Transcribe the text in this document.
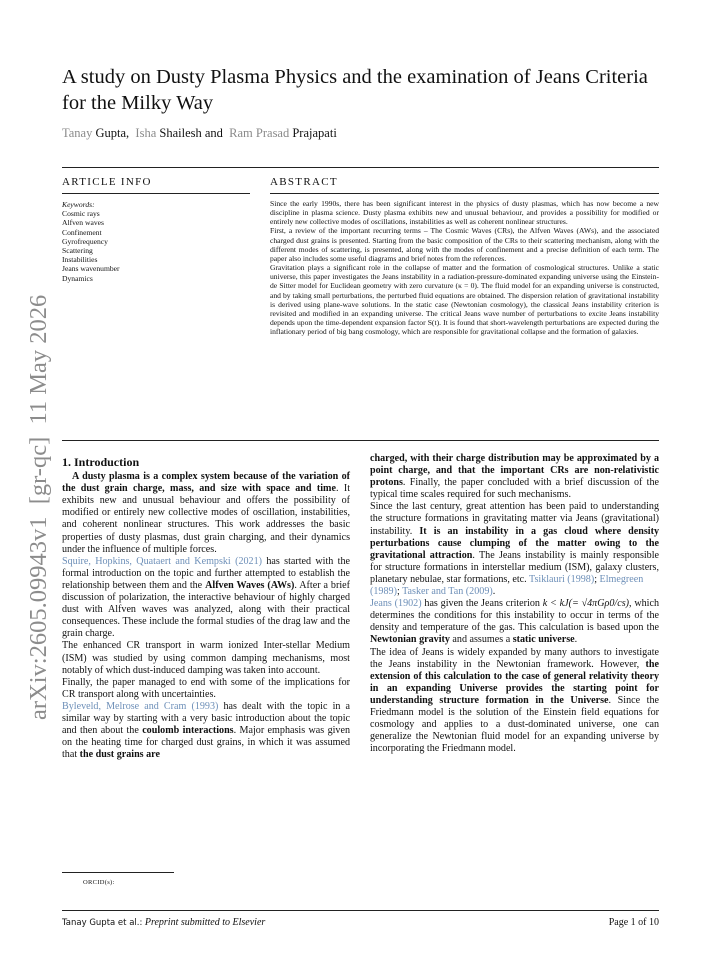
arXiv:2605.09943v1  [gr-qc]  11 May 2026
A study on Dusty Plasma Physics and the examination of Jeans Criteria for the Milky Way
Tanay Gupta, Isha Shailesh and Ram Prasad Prajapati
ARTICLE INFO	ABSTRACT
Keywords:
Cosmic rays
Alfven waves
Confinement
Gyrofrequency
Scattering
Instabilities
Jeans wavenumber
Dynamics

Since the early 1990s, there has been significant interest in the physics of dusty plasmas, which has now become a new discipline in plasma science. Dusty plasma exhibits new and unusual behaviour, and provides a possibility for modified or entirely new collective modes of oscillations, instabilities as well as coherent nonlinear structures.

First, a review of the important recurring terms – The Cosmic Waves (CRs), the Alfven Waves (AWs), and the associated charged dust grains is presented. Starting from the basic composition of the CRs to their scattering mechanism, along with the different modes of scattering, is presented, along with the modes of confinement and a precise definition of each term. The paper also includes some useful diagrams and brief notes from the references.

Gravitation plays a significant role in the collapse of matter and the formation of cosmological structures. Unlike a static universe, this paper investigates the Jeans instability in a radiation-pressure-dominated expanding universe using the Einstein-de Sitter model for Euclidean geometry with zero curvature (κ = 0). The fluid model for an expanding universe is constructed, and by taking small perturbations, the perturbed fluid equations are obtained. The dispersion relation of gravitational instability is derived using plane-wave solutions. In the static case (Newtonian cosmology), the classical Jeans instability criterion is revisited and modified in an expanding universe. The critical Jeans wave number of perturbations to excite Jeans instability depends upon the time-dependent expansion factor S(t). It is found that short-wavelength perturbations are expected during the inflationary period of big bang cosmology, which are responsible for gravitational collapse and the formation of galaxies.

1. Introduction

A dusty plasma is a complex system because of the variation of the dust grain charge, mass, and size with space and time. It exhibits new and unusual behaviour and offers the possibility of modified or entirely new collective modes of oscillation, instabilities, and coherent nonlinear structures. This work addresses the basic properties of dusty plasmas, dust grain charging, and their dynamics under the influence of multiple forces.

Squire, Hopkins, Quataert and Kempski (2021) has started with the formal introduction on the topic and further attempted to establish the relationship between them and the Alfven Waves (AWs). After a brief discussion of polarization, the interactive behaviour of highly charged dust with Alfven waves was analyzed, along with their practical consequences. These include the formal studies of the drag law and the grain charge.

The enhanced CR transport in warm ionized Inter-stellar Medium (ISM) was studied by using common damping mechanisms, most notably of which dust-induced damping was taken into account.

Finally, the paper managed to end with some of the implications for CR transport along with uncertainties.

Byleveld, Melrose and Cram (1993) has dealt with the topic in a similar way by starting with a very basic introduction about the topic and then about the coulomb interactions. Major emphasis was given on the heating time for charged dust grains, in which it was assumed that the dust grains are

charged, with their charge distribution may be approximated by a point charge, and that the important CRs are non-relativistic protons. Finally, the paper concluded with a brief discussion of the typical time scales required for such mechanisms.

Since the last century, great attention has been paid to understanding the structure formations in gravitating matter via Jeans (gravitational) instability. It is an instability in a gas cloud where density perturbations cause clumping of the matter owing to the gravitational attraction. The Jeans instability is mainly responsible for structure formations in interstellar medium (ISM), galaxy clusters, planetary nebulae, star formations, etc. Tsiklauri (1998); Elmegreen
(1989); Tasker and Tan (2009).

Jeans (1902) has given the Jeans criterion k < kJ(= √4πGρ0/cs), which determines the conditions for this instability to occur in terms of the density and temperature of the gas. This calculation is based upon the Newtonian gravity and assumes a static universe.

The idea of Jeans is widely expanded by many authors to investigate the Jeans instability in the Newtonian framework. However, the extension of this calculation to the case of general relativity theory in an expanding Universe provides the starting point for understanding structure formation in the Universe. Since the Friedmann model is the solution of the Einstein field equations for cosmology and applies to a dust-dominated universe, one can generalize the Newtonian fluid model for an expanding universe by incorporating the Friedmann model.

ORCID(s):
Tanay Gupta et al.: Preprint submitted to Elsevier	Page 1 of 10
